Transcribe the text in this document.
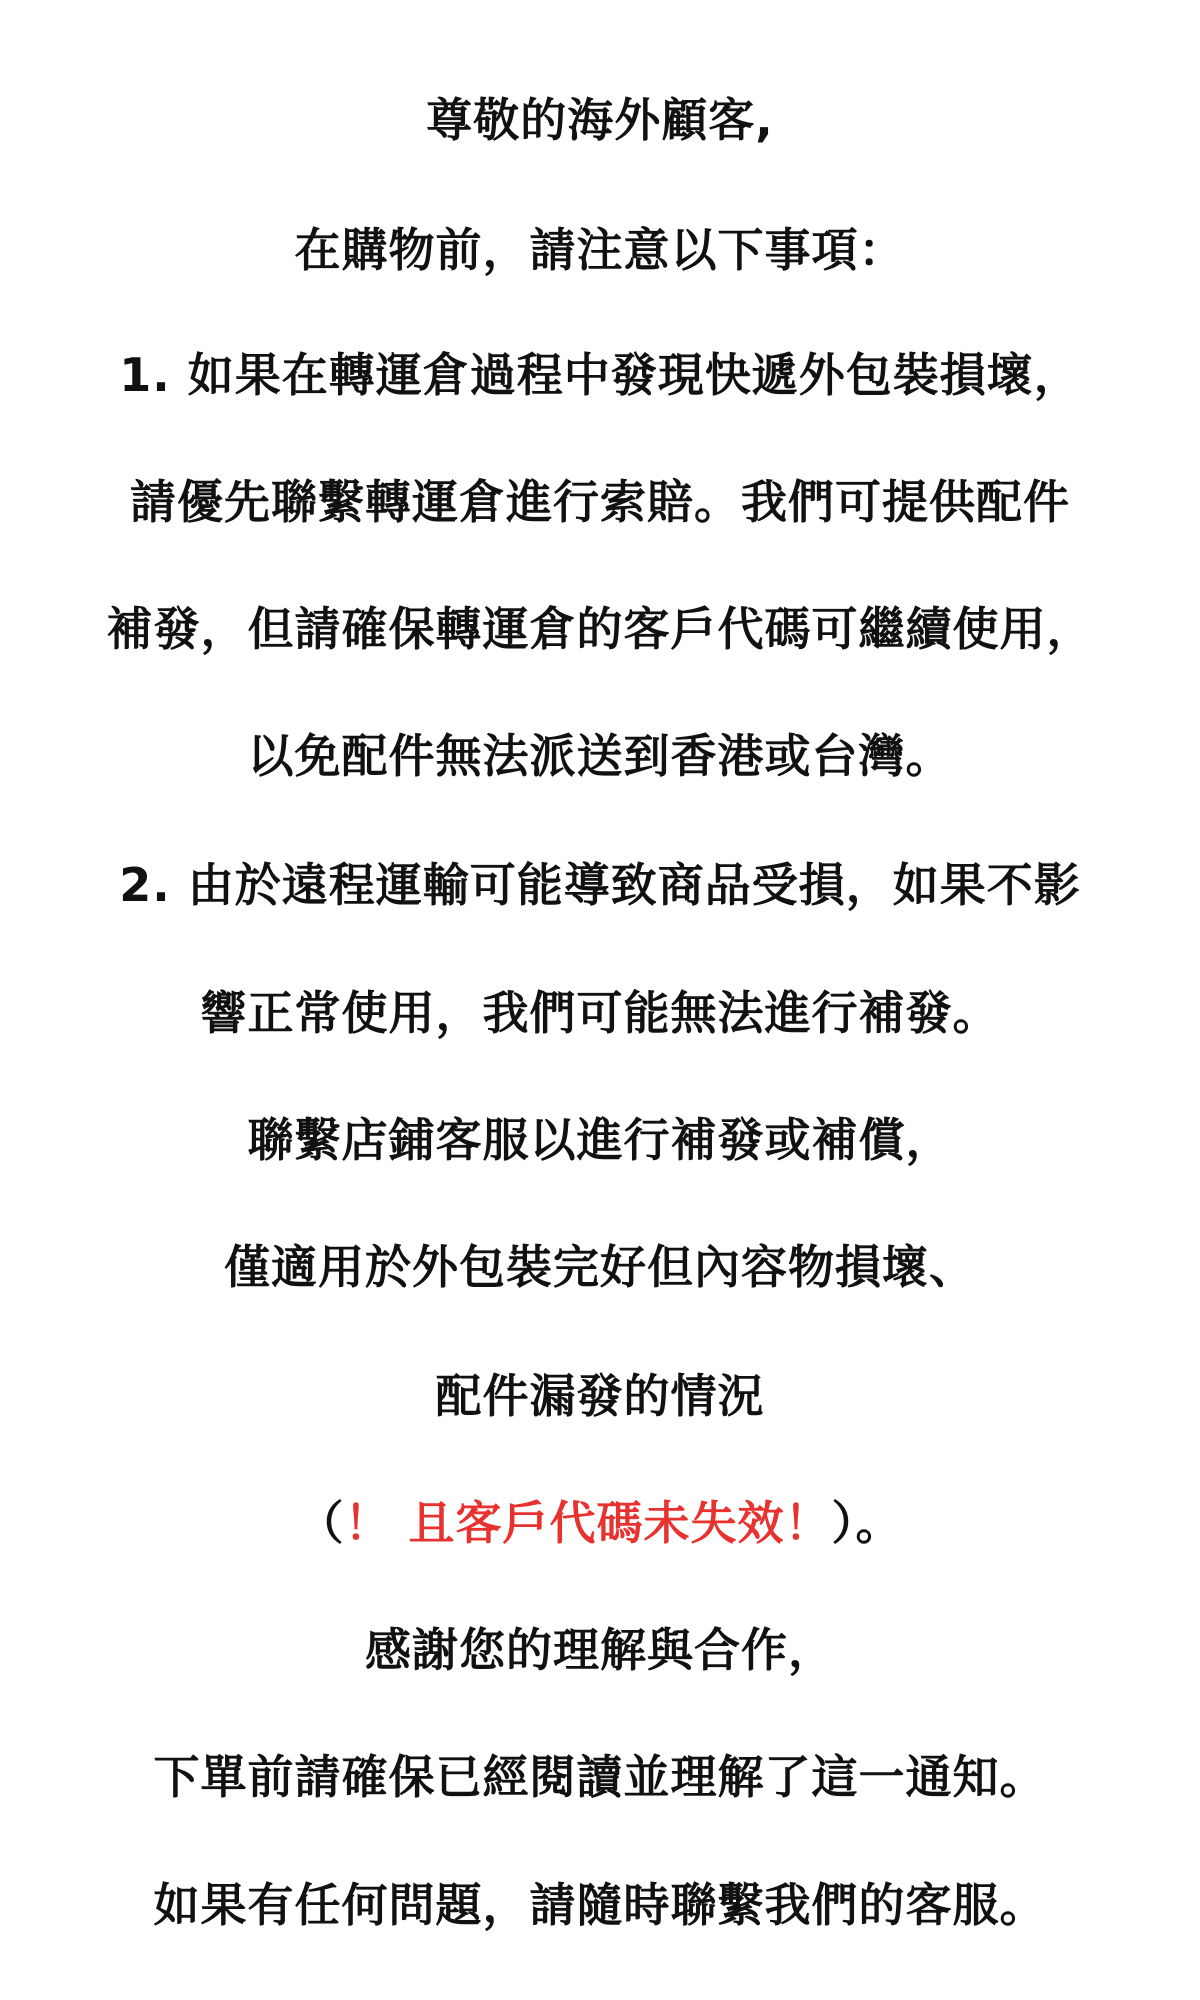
尊敬的海外顧客,
在購物前，請注意以下事項：
1. 如果在轉運倉過程中發現快遞外包裝損壞，
請優先聯繫轉運倉進行索賠。我們可提供配件
補發，但請確保轉運倉的客戶代碼可繼續使用，
以免配件無法派送到香港或台灣。
2. 由於遠程運輸可能導致商品受損，如果不影
響正常使用，我們可能無法進行補發。
聯繫店鋪客服以進行補發或補償，
僅適用於外包裝完好但內容物損壞、
配件漏發的情況
（！ 且客戶代碼未失效！）。
感謝您的理解與合作，
下單前請確保已經閱讀並理解了這一通知。
如果有任何問題，請隨時聯繫我們的客服。
